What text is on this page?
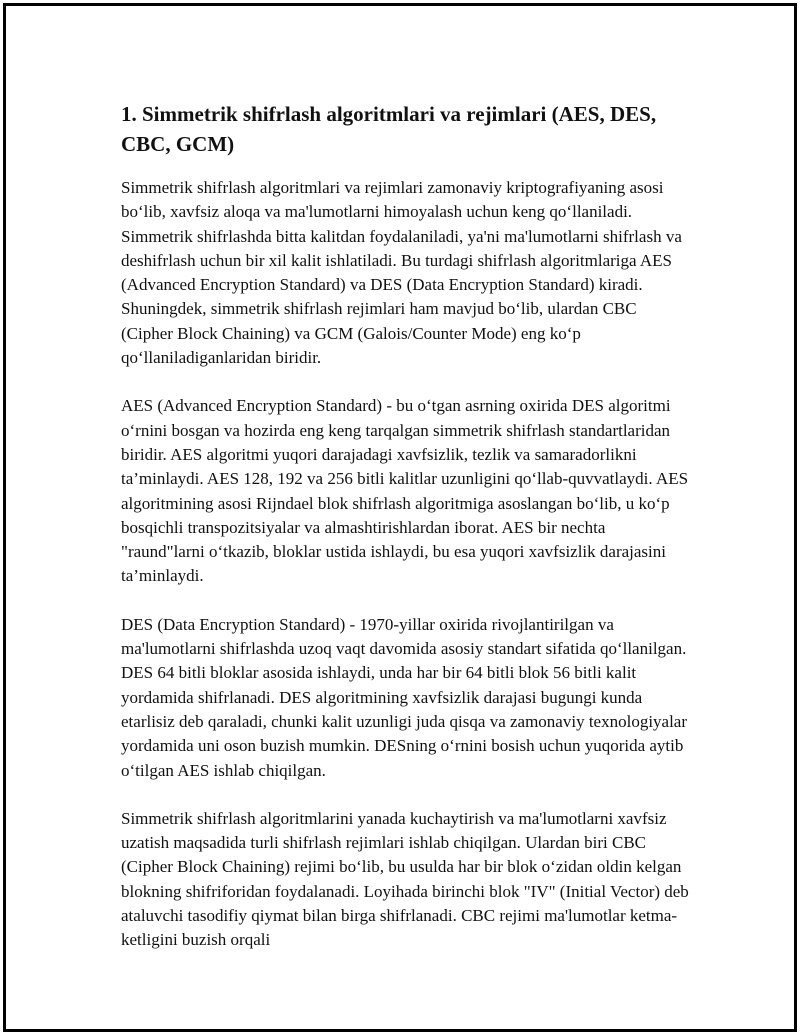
1. Simmetrik shifrlash algoritmlari va rejimlari (AES, DES, CBC, GCM)

Simmetrik shifrlash algoritmlari va rejimlari zamonaviy kriptografiyaning asosi bo‘lib, xavfsiz aloqa va ma'lumotlarni himoyalash uchun keng qo‘llaniladi. Simmetrik shifrlashda bitta kalitdan foydalaniladi, ya'ni ma'lumotlarni shifrlash va deshifrlash uchun bir xil kalit ishlatiladi. Bu turdagi shifrlash algoritmlariga AES (Advanced Encryption Standard) va DES (Data Encryption Standard) kiradi. Shuningdek, simmetrik shifrlash rejimlari ham mavjud bo‘lib, ulardan CBC (Cipher Block Chaining) va GCM (Galois/Counter Mode) eng ko‘p qo‘llaniladiganlaridan biridir.

AES (Advanced Encryption Standard) - bu o‘tgan asrning oxirida DES algoritmi o‘rnini bosgan va hozirda eng keng tarqalgan simmetrik shifrlash standartlaridan biridir. AES algoritmi yuqori darajadagi xavfsizlik, tezlik va samaradorlikni ta’minlaydi. AES 128, 192 va 256 bitli kalitlar uzunligini qo‘llab-quvvatlaydi. AES algoritmining asosi Rijndael blok shifrlash algoritmiga asoslangan bo‘lib, u ko‘p bosqichli transpozitsiyalar va almashtirishlardan iborat. AES bir nechta "raund"larni o‘tkazib, bloklar ustida ishlaydi, bu esa yuqori xavfsizlik darajasini ta’minlaydi.

DES (Data Encryption Standard) - 1970-yillar oxirida rivojlantirilgan va ma'lumotlarni shifrlashda uzoq vaqt davomida asosiy standart sifatida qo‘llanilgan. DES 64 bitli bloklar asosida ishlaydi, unda har bir 64 bitli blok 56 bitli kalit yordamida shifrlanadi. DES algoritmining xavfsizlik darajasi bugungi kunda etarlisiz deb qaraladi, chunki kalit uzunligi juda qisqa va zamonaviy texnologiyalar yordamida uni oson buzish mumkin. DESning o‘rnini bosish uchun yuqorida aytib o‘tilgan AES ishlab chiqilgan.

Simmetrik shifrlash algoritmlarini yanada kuchaytirish va ma'lumotlarni xavfsiz uzatish maqsadida turli shifrlash rejimlari ishlab chiqilgan. Ulardan biri CBC (Cipher Block Chaining) rejimi bo‘lib, bu usulda har bir blok o‘zidan oldin kelgan blokning shifriforidan foydalanadi. Loyihada birinchi blok "IV" (Initial Vector) deb ataluvchi tasodifiy qiymat bilan birga shifrlanadi. CBC rejimi ma'lumotlar ketma-ketligini buzish orqali
